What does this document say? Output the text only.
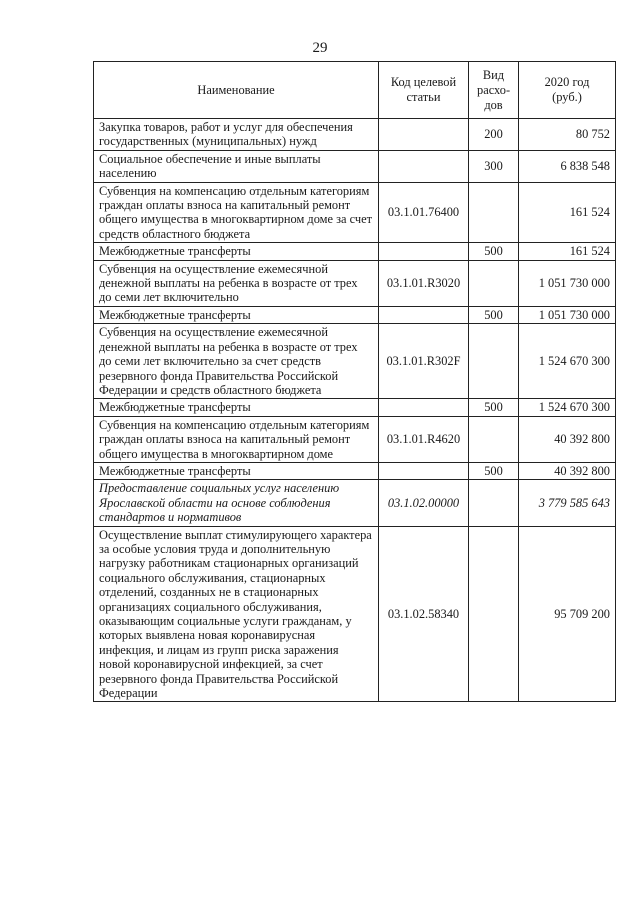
29
Наименование	Код целевой статьи	Вид расхо-дов	2020 год (руб.)
Закупка товаров, работ и услуг для обеспечения государственных (муниципальных) нужд		200	80 752
Социальное обеспечение и иные выплаты населению		300	6 838 548
Субвенция на компенсацию отдельным категориям граждан оплаты взноса на капитальный ремонт общего имущества в многоквартирном доме за счет средств областного бюджета	03.1.01.76400		161 524
Межбюджетные трансферты		500	161 524
Субвенция на осуществление ежемесячной денежной выплаты на ребенка в возрасте от трех до семи лет включительно	03.1.01.R3020		1 051 730 000
Межбюджетные трансферты		500	1 051 730 000
Субвенция на осуществление ежемесячной денежной выплаты на ребенка в возрасте от трех до семи лет включительно за счет средств резервного фонда Правительства Российской Федерации и средств областного бюджета	03.1.01.R302F		1 524 670 300
Межбюджетные трансферты		500	1 524 670 300
Субвенция на компенсацию отдельным категориям граждан оплаты взноса на капитальный ремонт общего имущества в многоквартирном доме	03.1.01.R4620		40 392 800
Межбюджетные трансферты		500	40 392 800
Предоставление социальных услуг населению Ярославской области на основе соблюдения стандартов и нормативов	03.1.02.00000		3 779 585 643
Осуществление выплат стимулирующего характера за особые условия труда и дополнительную нагрузку работникам стационарных организаций социального обслуживания, стационарных отделений, созданных не в стационарных организациях социального обслуживания, оказывающим социальные услуги гражданам, у которых выявлена новая коронавирусная инфекция, и лицам из групп риска заражения новой коронавирусной инфекцией, за счет резервного фонда Правительства Российской Федерации	03.1.02.58340		95 709 200
